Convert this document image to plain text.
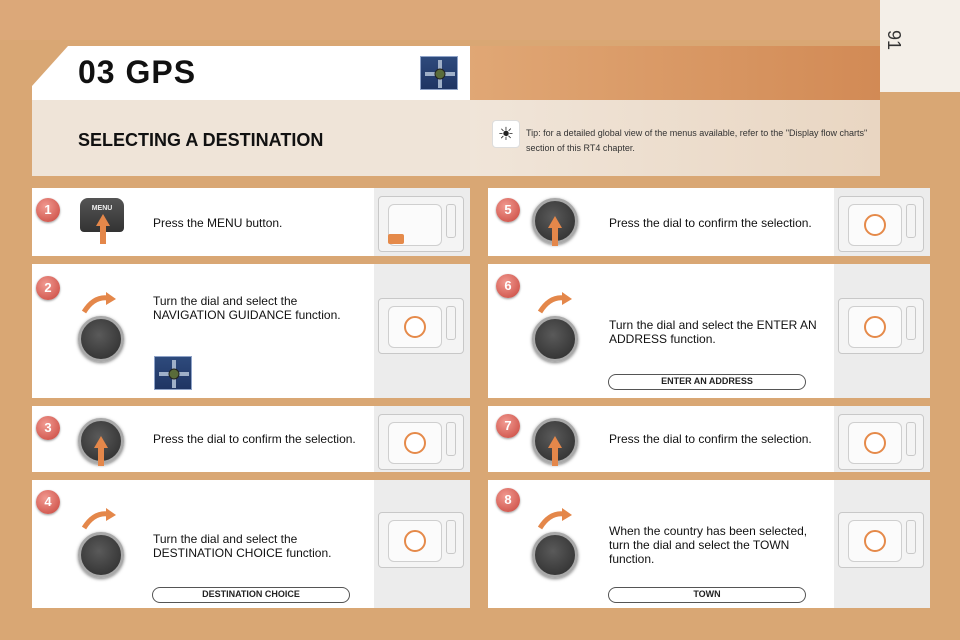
91
03 GPS
SELECTING A DESTINATION	☀	Tip: for a detailed global view of the menus available, refer to the "Display flow charts" section of this RT4 chapter.
1	MENU
Press the MENU button.
2
Turn the dial and select the NAVIGATION GUIDANCE function.
3
Press the dial to confirm the selection.
4
Turn the dial and select the DESTINATION CHOICE function.
DESTINATION CHOICE
5
Press the dial to confirm the selection.
6
Turn the dial and select the ENTER AN ADDRESS function.
ENTER AN ADDRESS
7
Press the dial to confirm the selection.
8
When the country has been selected, turn the dial and select the TOWN function.
TOWN
